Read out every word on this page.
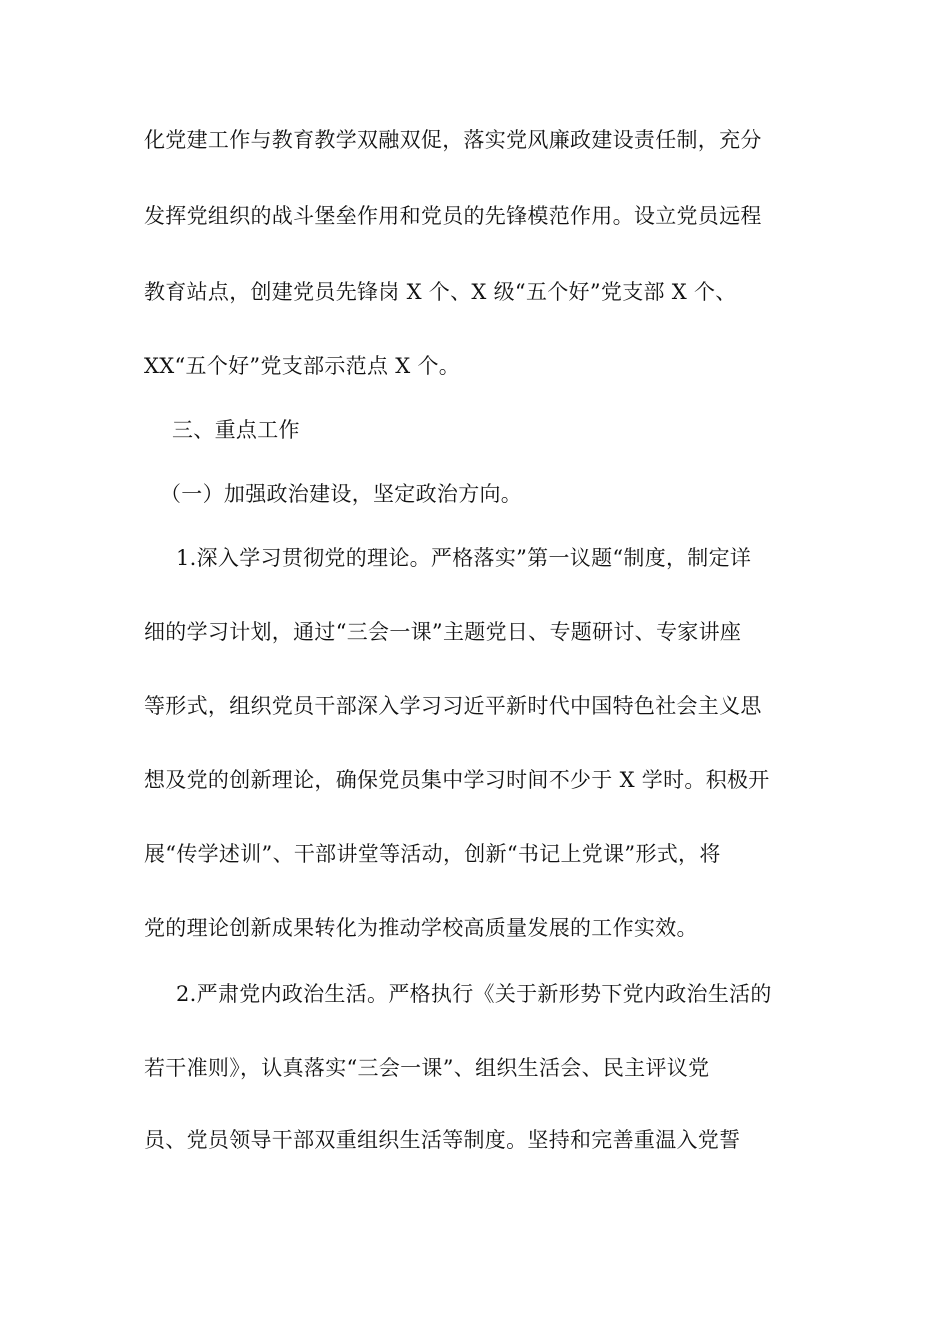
化党建工作与教育教学双融双促，落实党风廉政建设责任制，充分
发挥党组织的战斗堡垒作用和党员的先锋模范作用。设立党员远程
教育站点，创建党员先锋岗 X 个、X 级“五个好”党支部 X 个、
XX“五个好”党支部示范点 X 个。
三、重点工作
（一）加强政治建设，坚定政治方向。
1.深入学习贯彻党的理论。严格落实”第一议题“制度，制定详
细的学习计划，通过“三会一课”主题党日、专题研讨、专家讲座
等形式，组织党员干部深入学习习近平新时代中国特色社会主义思
想及党的创新理论，确保党员集中学习时间不少于 X 学时。积极开
展“传学述训”、干部讲堂等活动，创新“书记上党课”形式，将
党的理论创新成果转化为推动学校高质量发展的工作实效。
2.严肃党内政治生活。严格执行《关于新形势下党内政治生活的
若干准则》，认真落实“三会一课”、组织生活会、民主评议党
员、党员领导干部双重组织生活等制度。坚持和完善重温入党誓
